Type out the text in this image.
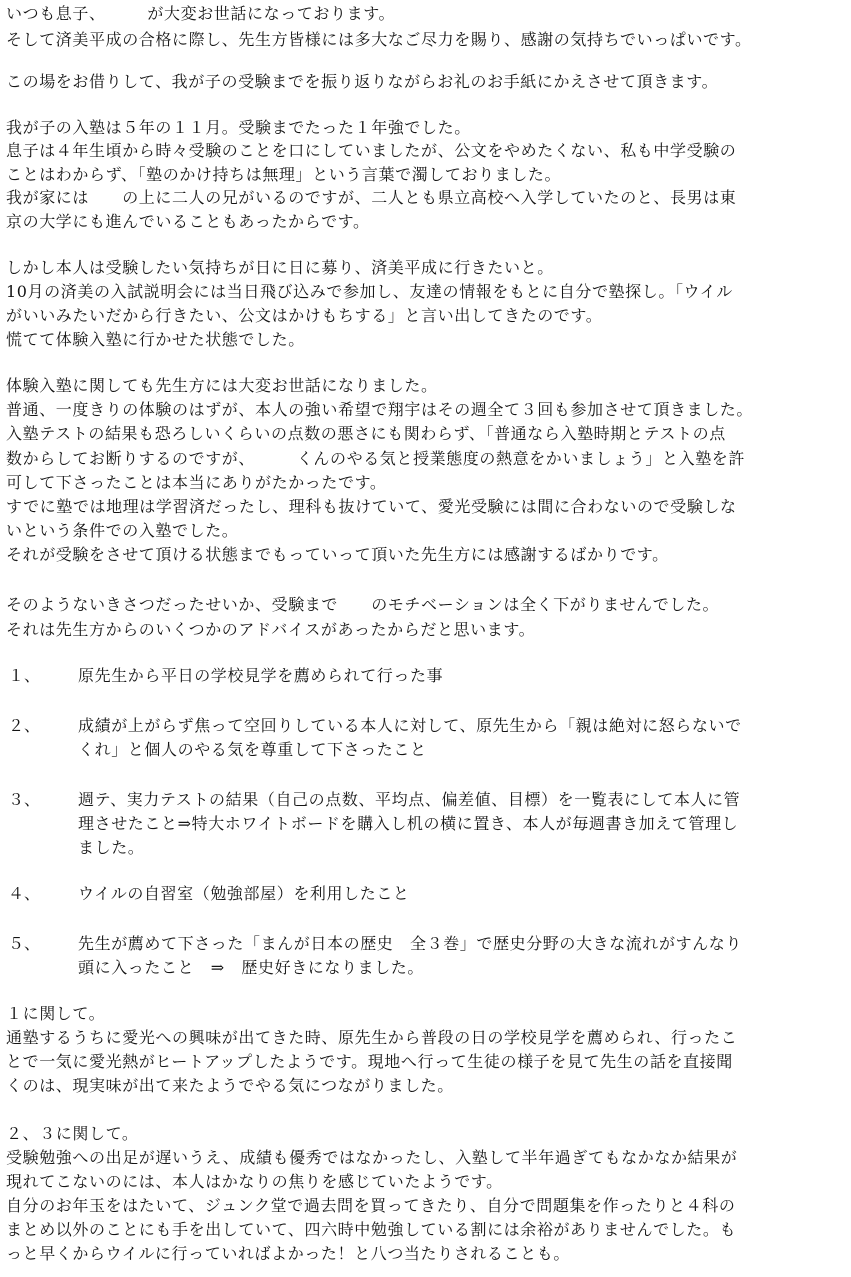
いつも息子、　　　が大変お世話になっております。
そして済美平成の合格に際し、先生方皆様には多大なご尽力を賜り、感謝の気持ちでいっぱいです。
この場をお借りして、我が子の受験までを振り返りながらお礼のお手紙にかえさせて頂きます。
我が子の入塾は５年の１１月。受験までたった１年強でした。
息子は４年生頃から時々受験のことを口にしていましたが、公文をやめたくない、私も中学受験の
ことはわからず、「塾のかけ持ちは無理」という言葉で濁しておりました。
我が家には　　の上に二人の兄がいるのですが、二人とも県立高校へ入学していたのと、長男は東
京の大学にも進んでいることもあったからです。
しかし本人は受験したい気持ちが日に日に募り、済美平成に行きたいと。
10月の済美の入試説明会には当日飛び込みで参加し、友達の情報をもとに自分で塾探し。「ウイル
がいいみたいだから行きたい、公文はかけもちする」と言い出してきたのです。
慌てて体験入塾に行かせた状態でした。
体験入塾に関しても先生方には大変お世話になりました。
普通、一度きりの体験のはずが、本人の強い希望で翔宇はその週全て３回も参加させて頂きました。
入塾テストの結果も恐ろしいくらいの点数の悪さにも関わらず、「普通なら入塾時期とテストの点
数からしてお断りするのですが、　　　くんのやる気と授業態度の熱意をかいましょう」と入塾を許
可して下さったことは本当にありがたかったです。
すでに塾では地理は学習済だったし、理科も抜けていて、愛光受験には間に合わないので受験しな
いという条件での入塾でした。
それが受験をさせて頂ける状態までもっていって頂いた先生方には感謝するばかりです。
そのようないきさつだったせいか、受験まで　　のモチベーションは全く下がりませんでした。
それは先生方からのいくつかのアドバイスがあったからだと思います。
１、	原先生から平日の学校見学を薦められて行った事
２、	成績が上がらず焦って空回りしている本人に対して、原先生から「親は絶対に怒らないで
くれ」と個人のやる気を尊重して下さったこと
３、	週テ、実力テストの結果（自己の点数、平均点、偏差値、目標）を一覧表にして本人に管
理させたこと⇒特大ホワイトボードを購入し机の横に置き、本人が毎週書き加えて管理し
ました。
４、	ウイルの自習室（勉強部屋）を利用したこと
５、	先生が薦めて下さった「まんが日本の歴史　全３巻」で歴史分野の大きな流れがすんなり
頭に入ったこと　⇒　歴史好きになりました。
１に関して。
通塾するうちに愛光への興味が出てきた時、原先生から普段の日の学校見学を薦められ、行ったこ
とで一気に愛光熱がヒートアップしたようです。現地へ行って生徒の様子を見て先生の話を直接聞
くのは、現実味が出て来たようでやる気につながりました。
２、３に関して。
受験勉強への出足が遅いうえ、成績も優秀ではなかったし、入塾して半年過ぎてもなかなか結果が
現れてこないのには、本人はかなりの焦りを感じていたようです。
自分のお年玉をはたいて、ジュンク堂で過去問を買ってきたり、自分で問題集を作ったりと４科の
まとめ以外のことにも手を出していて、四六時中勉強している割には余裕がありませんでした。も
っと早くからウイルに行っていればよかった！と八つ当たりされることも。
